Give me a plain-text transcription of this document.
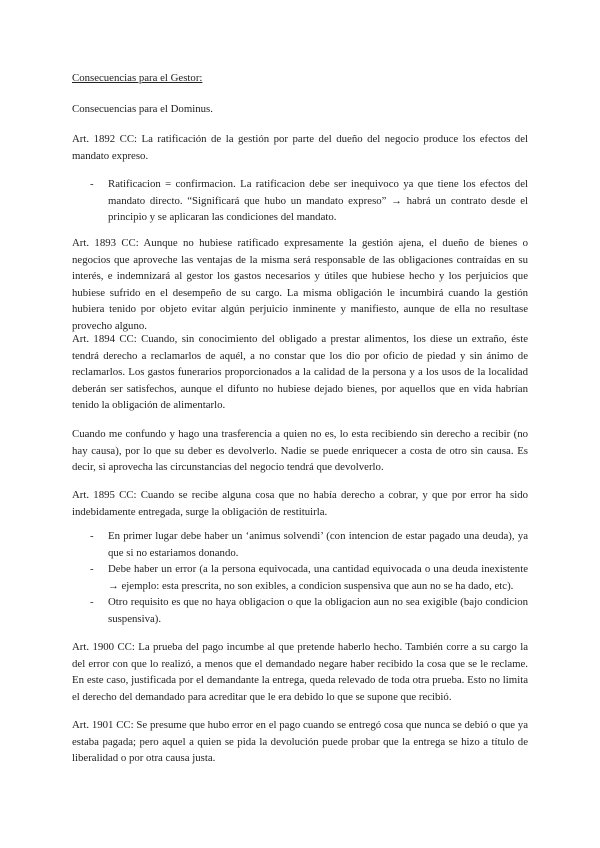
Consecuencias para el Gestor:

Consecuencias para el Dominus.

Art. 1892 CC: La ratificación de la gestión por parte del dueño del negocio produce los efectos del mandato expreso.

- Ratificacion = confirmacion. La ratificacion debe ser inequivoco ya que tiene los efectos del mandato directo. “Significará que hubo un mandato expreso” → habrá un contrato desde el principio y se aplicaran las condiciones del mandato.

Art. 1893 CC: Aunque no hubiese ratificado expresamente la gestión ajena, el dueño de bienes o negocios que aproveche las ventajas de la misma será responsable de las obligaciones contraídas en su interés, e indemnizará al gestor los gastos necesarios y útiles que hubiese hecho y los perjuicios que hubiese sufrido en el desempeño de su cargo. La misma obligación le incumbirá cuando la gestión hubiera tenido por objeto evitar algún perjuicio inminente y manifiesto, aunque de ella no resultase provecho alguno.

Art. 1894 CC: Cuando, sin conocimiento del obligado a prestar alimentos, los diese un extraño, éste tendrá derecho a reclamarlos de aquél, a no constar que los dio por oficio de piedad y sin ánimo de reclamarlos. Los gastos funerarios proporcionados a la calidad de la persona y a los usos de la localidad deberán ser satisfechos, aunque el difunto no hubiese dejado bienes, por aquellos que en vida habrían tenido la obligación de alimentarlo.

Cuando me confundo y hago una trasferencia a quien no es, lo esta recibiendo sin derecho a recibir (no hay causa), por lo que su deber es devolverlo. Nadie se puede enriquecer a costa de otro sin causa. Es decir, si aprovecha las circunstancias del negocio tendrá que devolverlo.

Art. 1895 CC: Cuando se recibe alguna cosa que no había derecho a cobrar, y que por error ha sido indebidamente entregada, surge la obligación de restituirla.

- En primer lugar debe haber un ‘animus solvendi’ (con intencion de estar pagado una deuda), ya que si no estariamos donando.
- Debe haber un error (a la persona equivocada, una cantidad equivocada o una deuda inexistente → ejemplo: esta prescrita, no son exibles, a condicion suspensiva que aun no se ha dado, etc).
- Otro requisito es que no haya obligacion o que la obligacion aun no sea exigible (bajo condicion suspensiva).

Art. 1900 CC: La prueba del pago incumbe al que pretende haberlo hecho. También corre a su cargo la del error con que lo realizó, a menos que el demandado negare haber recibido la cosa que se le reclame. En este caso, justificada por el demandante la entrega, queda relevado de toda otra prueba. Esto no limita el derecho del demandado para acreditar que le era debido lo que se supone que recibió.

Art. 1901 CC: Se presume que hubo error en el pago cuando se entregó cosa que nunca se debió o que ya estaba pagada; pero aquel a quien se pida la devolución puede probar que la entrega se hizo a título de liberalidad o por otra causa justa.
